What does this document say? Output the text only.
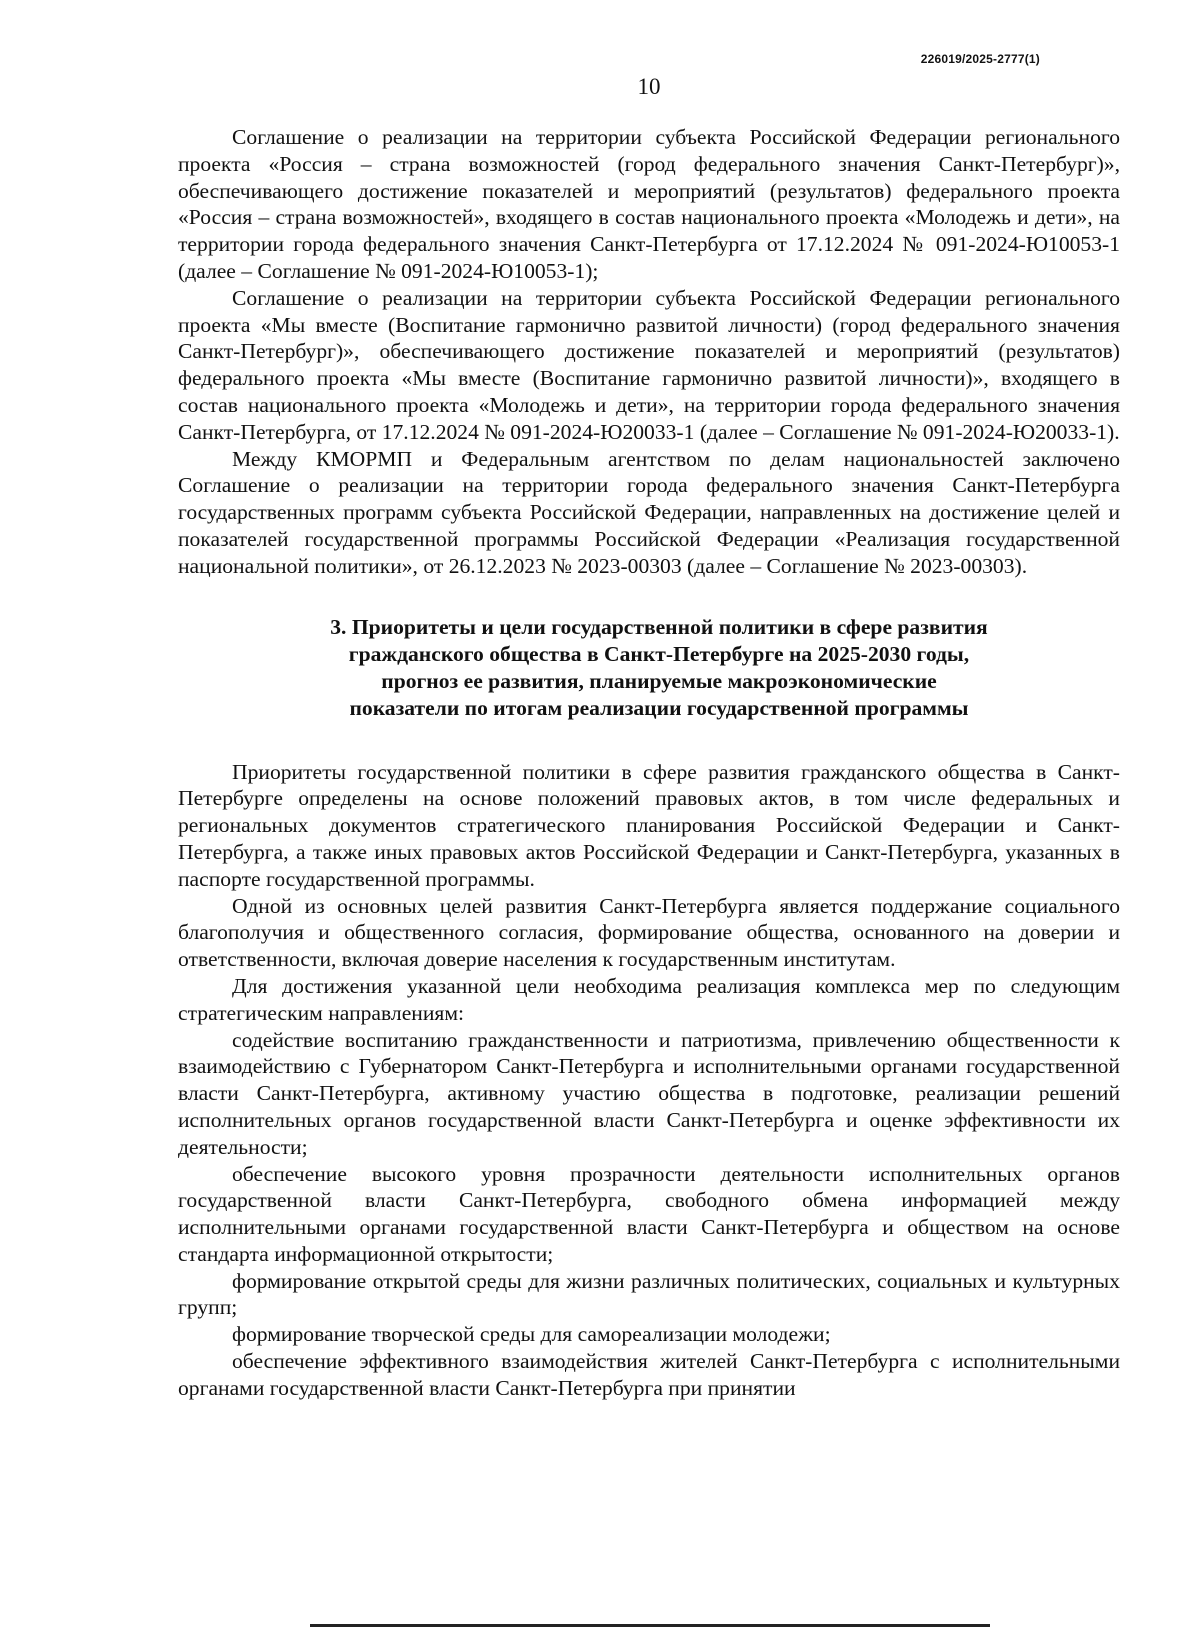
226019/2025-2777(1)
10

Соглашение о реализации на территории субъекта Российской Федерации регионального проекта «Россия – страна возможностей (город федерального значения Санкт-Петербург)», обеспечивающего достижение показателей и мероприятий (результатов) федерального проекта «Россия – страна возможностей», входящего в состав национального проекта «Молодежь и дети», на территории города федерального значения Санкт-Петербурга от 17.12.2024 № 091-2024-Ю10053-1 (далее – Соглашение № 091-2024-Ю10053-1);

Соглашение о реализации на территории субъекта Российской Федерации регионального проекта «Мы вместе (Воспитание гармонично развитой личности) (город федерального значения Санкт-Петербург)», обеспечивающего достижение показателей и мероприятий (результатов) федерального проекта «Мы вместе (Воспитание гармонично развитой личности)», входящего в состав национального проекта «Молодежь и дети», на территории города федерального значения Санкт-Петербурга, от 17.12.2024 № 091-2024-Ю20033-1 (далее – Соглашение № 091-2024-Ю20033-1).

Между КМОРМП и Федеральным агентством по делам национальностей заключено Соглашение о реализации на территории города федерального значения Санкт-Петербурга государственных программ субъекта Российской Федерации, направленных на достижение целей и показателей государственной программы Российской Федерации «Реализация государственной национальной политики», от 26.12.2023 № 2023-00303 (далее – Соглашение № 2023-00303).

3. Приоритеты и цели государственной политики в сфере развития гражданского общества в Санкт-Петербурге на 2025-2030 годы, прогноз ее развития, планируемые макроэкономические показатели по итогам реализации государственной программы

Приоритеты государственной политики в сфере развития гражданского общества в Санкт-Петербурге определены на основе положений правовых актов, в том числе федеральных и региональных документов стратегического планирования Российской Федерации и Санкт-Петербурга, а также иных правовых актов Российской Федерации и Санкт-Петербурга, указанных в паспорте государственной программы.

Одной из основных целей развития Санкт-Петербурга является поддержание социального благополучия и общественного согласия, формирование общества, основанного на доверии и ответственности, включая доверие населения к государственным институтам.

Для достижения указанной цели необходима реализация комплекса мер по следующим стратегическим направлениям:

содействие воспитанию гражданственности и патриотизма, привлечению общественности к взаимодействию с Губернатором Санкт-Петербурга и исполнительными органами государственной власти Санкт-Петербурга, активному участию общества в подготовке, реализации решений исполнительных органов государственной власти Санкт-Петербурга и оценке эффективности их деятельности;

обеспечение высокого уровня прозрачности деятельности исполнительных органов государственной власти Санкт-Петербурга, свободного обмена информацией между исполнительными органами государственной власти Санкт-Петербурга и обществом на основе стандарта информационной открытости;

формирование открытой среды для жизни различных политических, социальных и культурных групп;

формирование творческой среды для самореализации молодежи;

обеспечение эффективного взаимодействия жителей Санкт-Петербурга с исполнительными органами государственной власти Санкт-Петербурга при принятии
